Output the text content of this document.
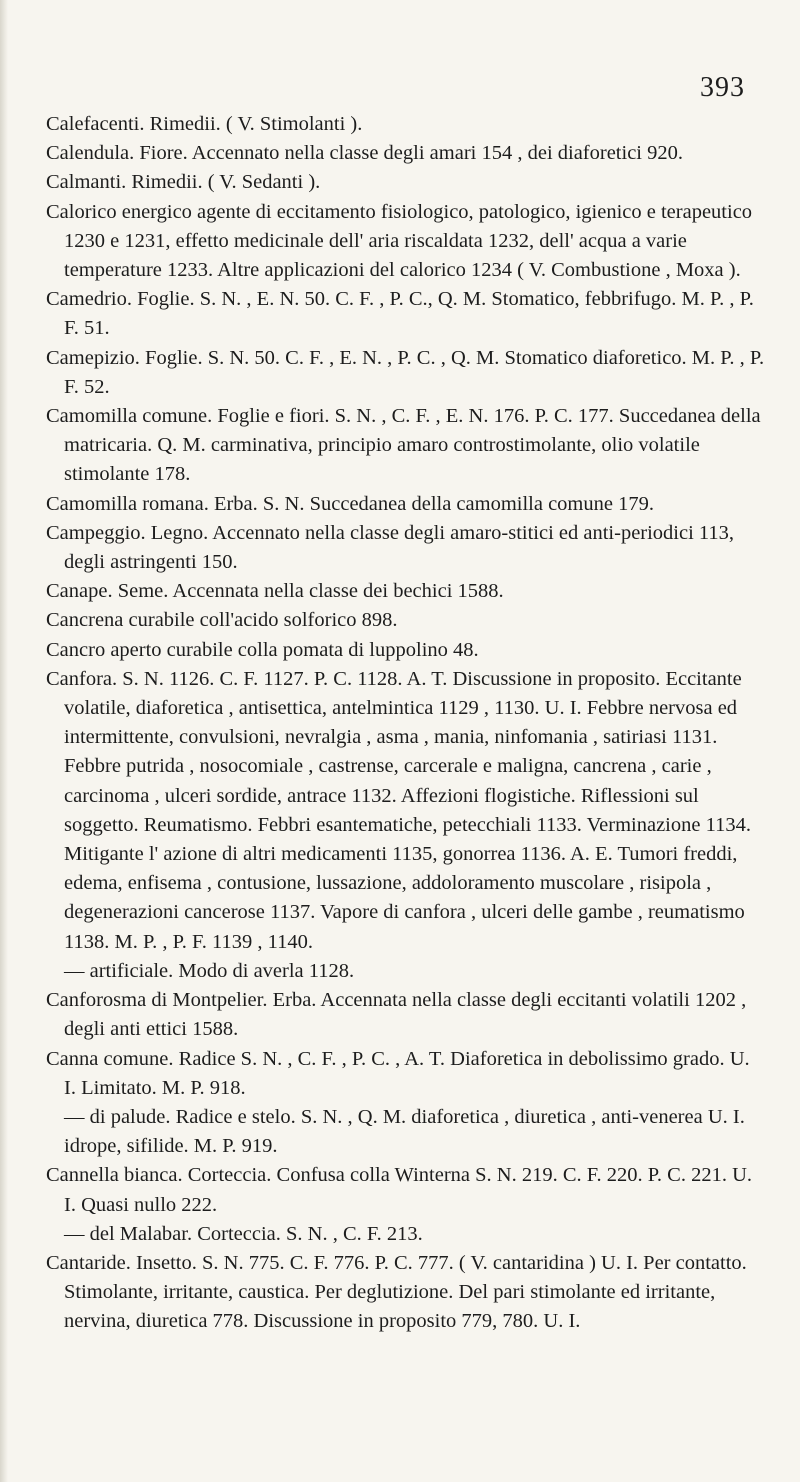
393

Calefacenti. Rimedii. ( V. Stimolanti ).

Calendula. Fiore. Accennato nella classe degli amari 154 , dei diaforetici 920.

Calmanti. Rimedii. ( V. Sedanti ).

Calorico energico agente di eccitamento fisiologico, patologico, igienico e terapeutico 1230 e 1231, effetto medicinale dell' aria riscaldata 1232, dell' acqua a varie temperature 1233. Altre applicazioni del calorico 1234 ( V. Combustione , Moxa ).

Camedrio. Foglie. S. N. , E. N. 50. C. F. , P. C., Q. M. Stomatico, febbrifugo. M. P. , P. F. 51.

Camepizio. Foglie. S. N. 50. C. F. , E. N. , P. C. , Q. M. Stomatico diaforetico. M. P. , P. F. 52.

Camomilla comune. Foglie e fiori. S. N. , C. F. , E. N. 176. P. C. 177. Succedanea della matricaria. Q. M. carminativa, principio amaro controstimolante, olio volatile stimolante 178.

Camomilla romana. Erba. S. N. Succedanea della camomilla comune 179.

Campeggio. Legno. Accennato nella classe degli amaro-stitici ed anti-periodici 113, degli astringenti 150.

Canape. Seme. Accennata nella classe dei bechici 1588.

Cancrena curabile coll'acido solforico 898.

Cancro aperto curabile colla pomata di luppolino 48.

Canfora. S. N. 1126. C. F. 1127. P. C. 1128. A. T. Discussione in proposito. Eccitante volatile, diaforetica , antisettica, antelmintica 1129 , 1130. U. I. Febbre nervosa ed intermittente, convulsioni, nevralgia , asma , mania, ninfomania , satiriasi 1131. Febbre putrida , nosocomiale , castrense, carcerale e maligna, cancrena , carie , carcinoma , ulceri sordide, antrace 1132. Affezioni flogistiche. Riflessioni sul soggetto. Reumatismo. Febbri esantematiche, petecchiali 1133. Verminazione 1134. Mitigante l' azione di altri medicamenti 1135, gonorrea 1136. A. E. Tumori freddi, edema, enfisema , contusione, lussazione, addoloramento muscolare , risipola , degenerazioni cancerose 1137. Vapore di canfora , ulceri delle gambe , reumatismo 1138. M. P. , P. F. 1139 , 1140.

— artificiale. Modo di averla 1128.

Canforosma di Montpelier. Erba. Accennata nella classe degli eccitanti volatili 1202 , degli anti ettici 1588.

Canna comune. Radice S. N. , C. F. , P. C. , A. T. Diaforetica in debolissimo grado. U. I. Limitato. M. P. 918.

— di palude. Radice e stelo. S. N. , Q. M. diaforetica , diuretica , anti-venerea U. I. idrope, sifilide. M. P. 919.

Cannella bianca. Corteccia. Confusa colla Winterna S. N. 219. C. F. 220. P. C. 221. U. I. Quasi nullo 222.

— del Malabar. Corteccia. S. N. , C. F. 213.

Cantaride. Insetto. S. N. 775. C. F. 776. P. C. 777. ( V. cantaridina ) U. I. Per contatto. Stimolante, irritante, caustica. Per deglutizione. Del pari stimolante ed irritante, nervina, diuretica 778. Discussione in proposito 779, 780. U. I.
